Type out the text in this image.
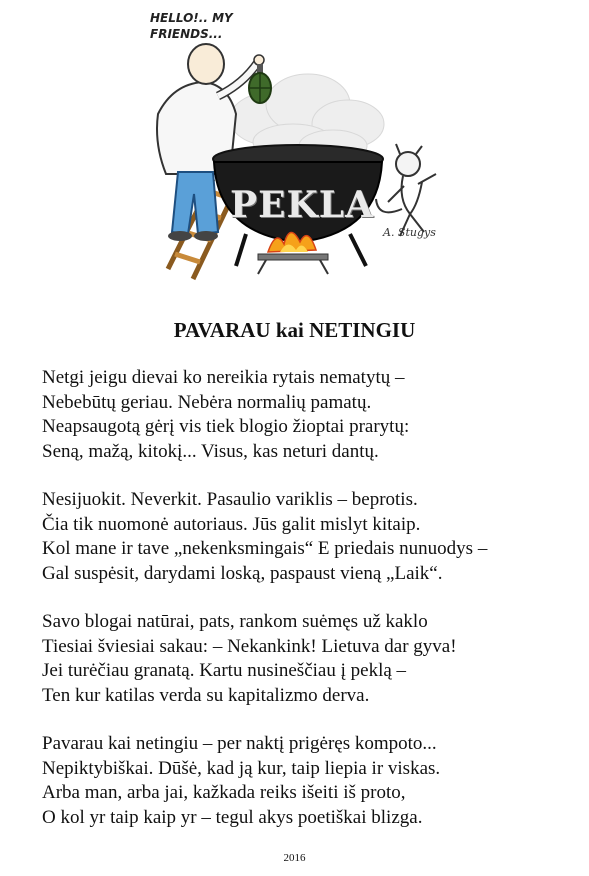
HELLO!.. MY
FRIENDS...
PEKLA
A. Stugys
PAVARAU kai NETINGIU
Netgi jeigu dievai ko nereikia rytais nematytų –
Nebebūtų geriau. Nebėra normalių pamatų.
Neapsaugotą gėrį vis tiek blogio žioptai prarytų:
Seną, mažą, kitokį... Visus, kas neturi dantų.
Nesijuokit. Neverkit. Pasaulio variklis – beprotis.
Čia tik nuomonė autoriaus. Jūs galit mislyt kitaip.
Kol mane ir tave „nekenksmingais“ E priedais nunuodys –
Gal suspėsit, darydami loską, paspaust vieną „Laik“.
Savo blogai natūrai, pats, rankom suėmęs už kaklo
Tiesiai šviesiai sakau: – Nekankink! Lietuva dar gyva!
Jei turėčiau granatą. Kartu nusineščiau į peklą –
Ten kur katilas verda su kapitalizmo derva.
Pavarau kai netingiu – per naktį prigėręs kompoto...
Nepiktybiškai. Dūšė, kad ją kur, taip liepia ir viskas.
Arba man, arba jai, kažkada reiks išeiti iš proto,
O kol yr taip kaip yr – tegul akys poetiškai blizga.
2016
